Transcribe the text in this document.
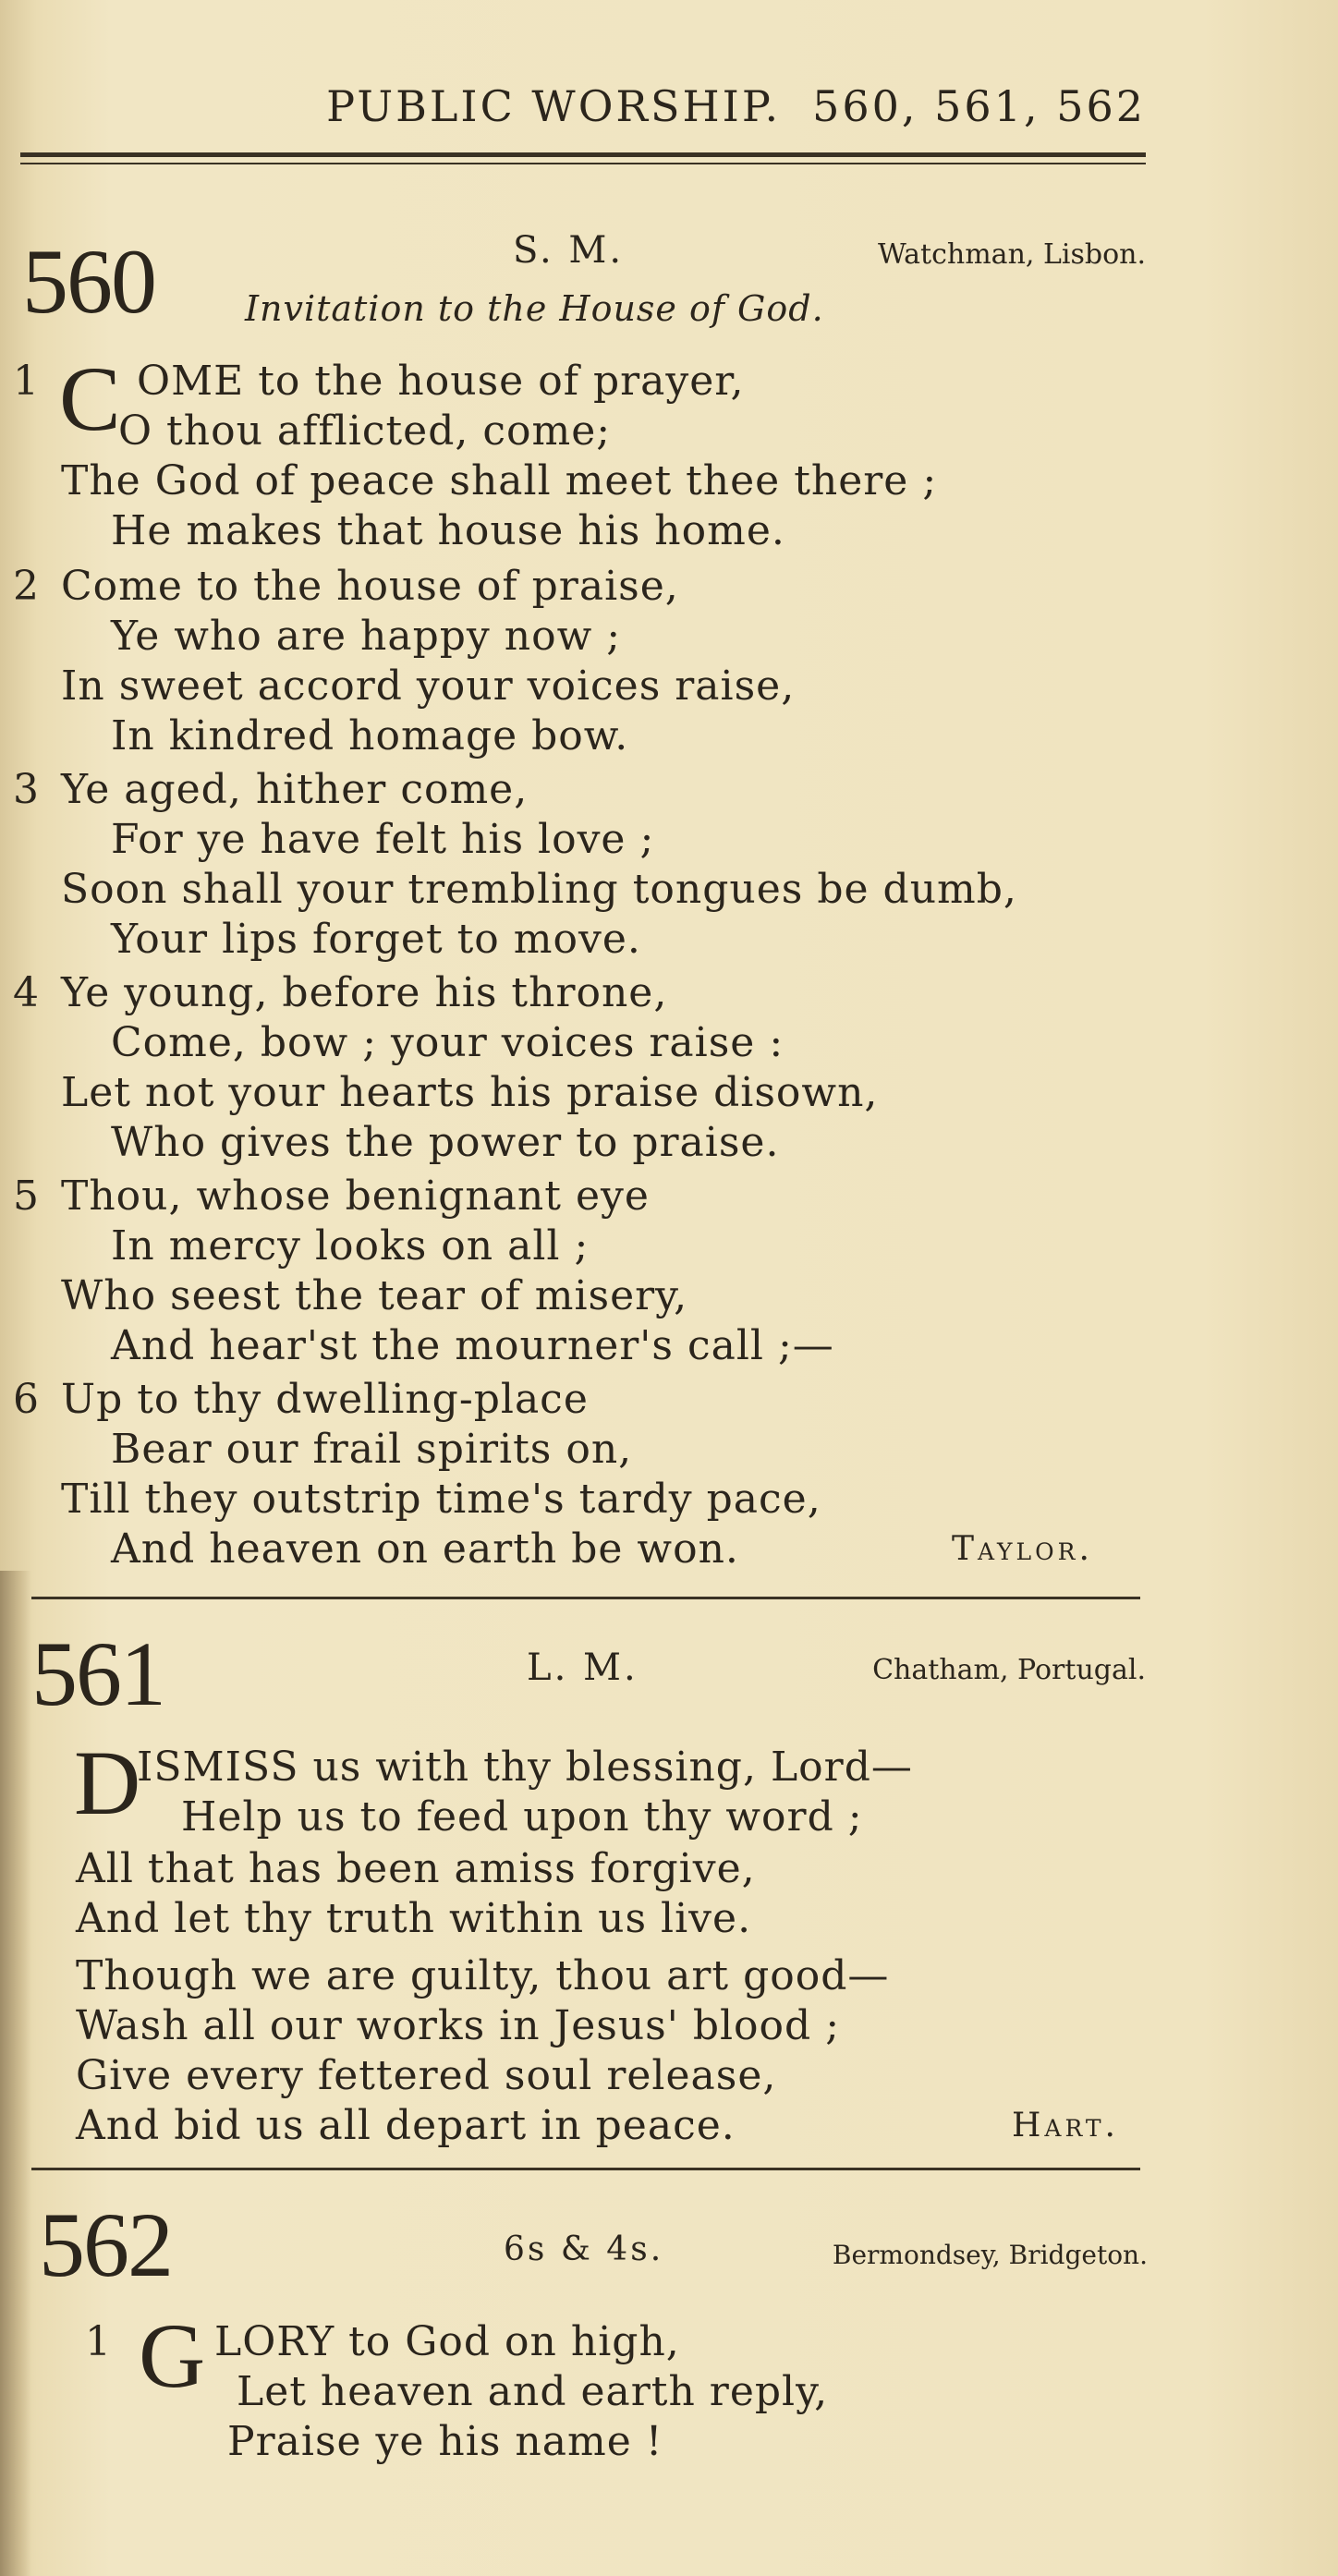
PUBLIC WORSHIP. 560, 561, 562
560	S. M.	Watchman, Lisbon.
Invitation to the House of God.
C
1 OME to the house of prayer,
O thou afflicted, come;
The God of peace shall meet thee there ;
He makes that house his home.
2 Come to the house of praise,
Ye who are happy now ;
In sweet accord your voices raise,
In kindred homage bow.
3 Ye aged, hither come,
For ye have felt his love ;
Soon shall your trembling tongues be dumb,
Your lips forget to move.
4 Ye young, before his throne,
Come, bow ; your voices raise :
Let not your hearts his praise disown,
Who gives the power to praise.
5 Thou, whose benignant eye
In mercy looks on all ;
Who seest the tear of misery,
And hear'st the mourner's call ;—
6 Up to thy dwelling-place
Bear our frail spirits on,
Till they outstrip time's tardy pace,
And heaven on earth be won.	Taylor.
561	L. M.	Chatham, Portugal.
D
ISMISS us with thy blessing, Lord—
Help us to feed upon thy word ;
All that has been amiss forgive,
And let thy truth within us live.
Though we are guilty, thou art good—
Wash all our works in Jesus' blood ;
Give every fettered soul release,
And bid us all depart in peace.	Hart.
562	6s & 4s.	Bermondsey, Bridgeton.
G
1	LORY to God on high,
Let heaven and earth reply,
Praise ye his name !
